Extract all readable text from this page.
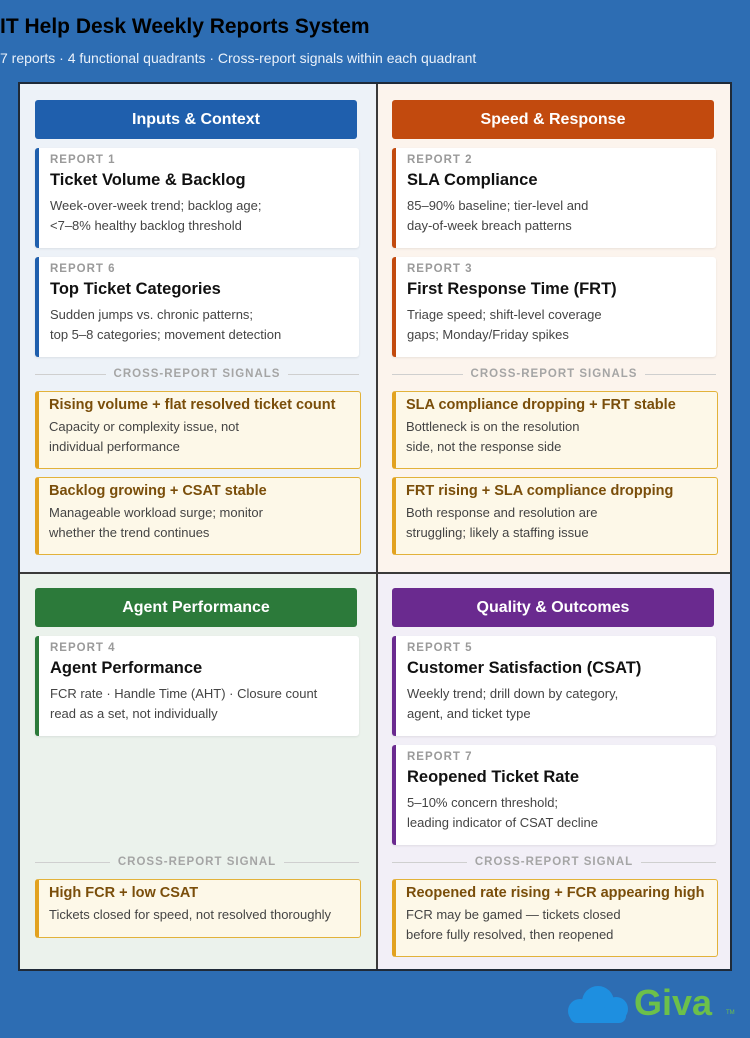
IT Help Desk Weekly Reports System
7 reports · 4 functional quadrants · Cross-report signals within each quadrant
Inputs & Context
REPORT 1
Ticket Volume & Backlog
Week-over-week trend; backlog age;
<7–8% healthy backlog threshold
REPORT 6
Top Ticket Categories
Sudden jumps vs. chronic patterns;
top 5–8 categories; movement detection
CROSS-REPORT SIGNALS
Rising volume + flat resolved ticket count
Capacity or complexity issue, not
individual performance
Backlog growing + CSAT stable
Manageable workload surge; monitor
whether the trend continues
Speed & Response
REPORT 2
SLA Compliance
85–90% baseline; tier-level and
day-of-week breach patterns
REPORT 3
First Response Time (FRT)
Triage speed; shift-level coverage
gaps; Monday/Friday spikes
CROSS-REPORT SIGNALS
SLA compliance dropping + FRT stable
Bottleneck is on the resolution
side, not the response side
FRT rising + SLA compliance dropping
Both response and resolution are
struggling; likely a staffing issue
Agent Performance
REPORT 4
Agent Performance
FCR rate · Handle Time (AHT) · Closure count
read as a set, not individually
CROSS-REPORT SIGNAL
High FCR + low CSAT
Tickets closed for speed, not resolved thoroughly
Quality & Outcomes
REPORT 5
Customer Satisfaction (CSAT)
Weekly trend; drill down by category,
agent, and ticket type
REPORT 7
Reopened Ticket Rate
5–10% concern threshold;
leading indicator of CSAT decline
CROSS-REPORT SIGNAL
Reopened rate rising + FCR appearing high
FCR may be gamed — tickets closed
before fully resolved, then reopened
Giva TM
